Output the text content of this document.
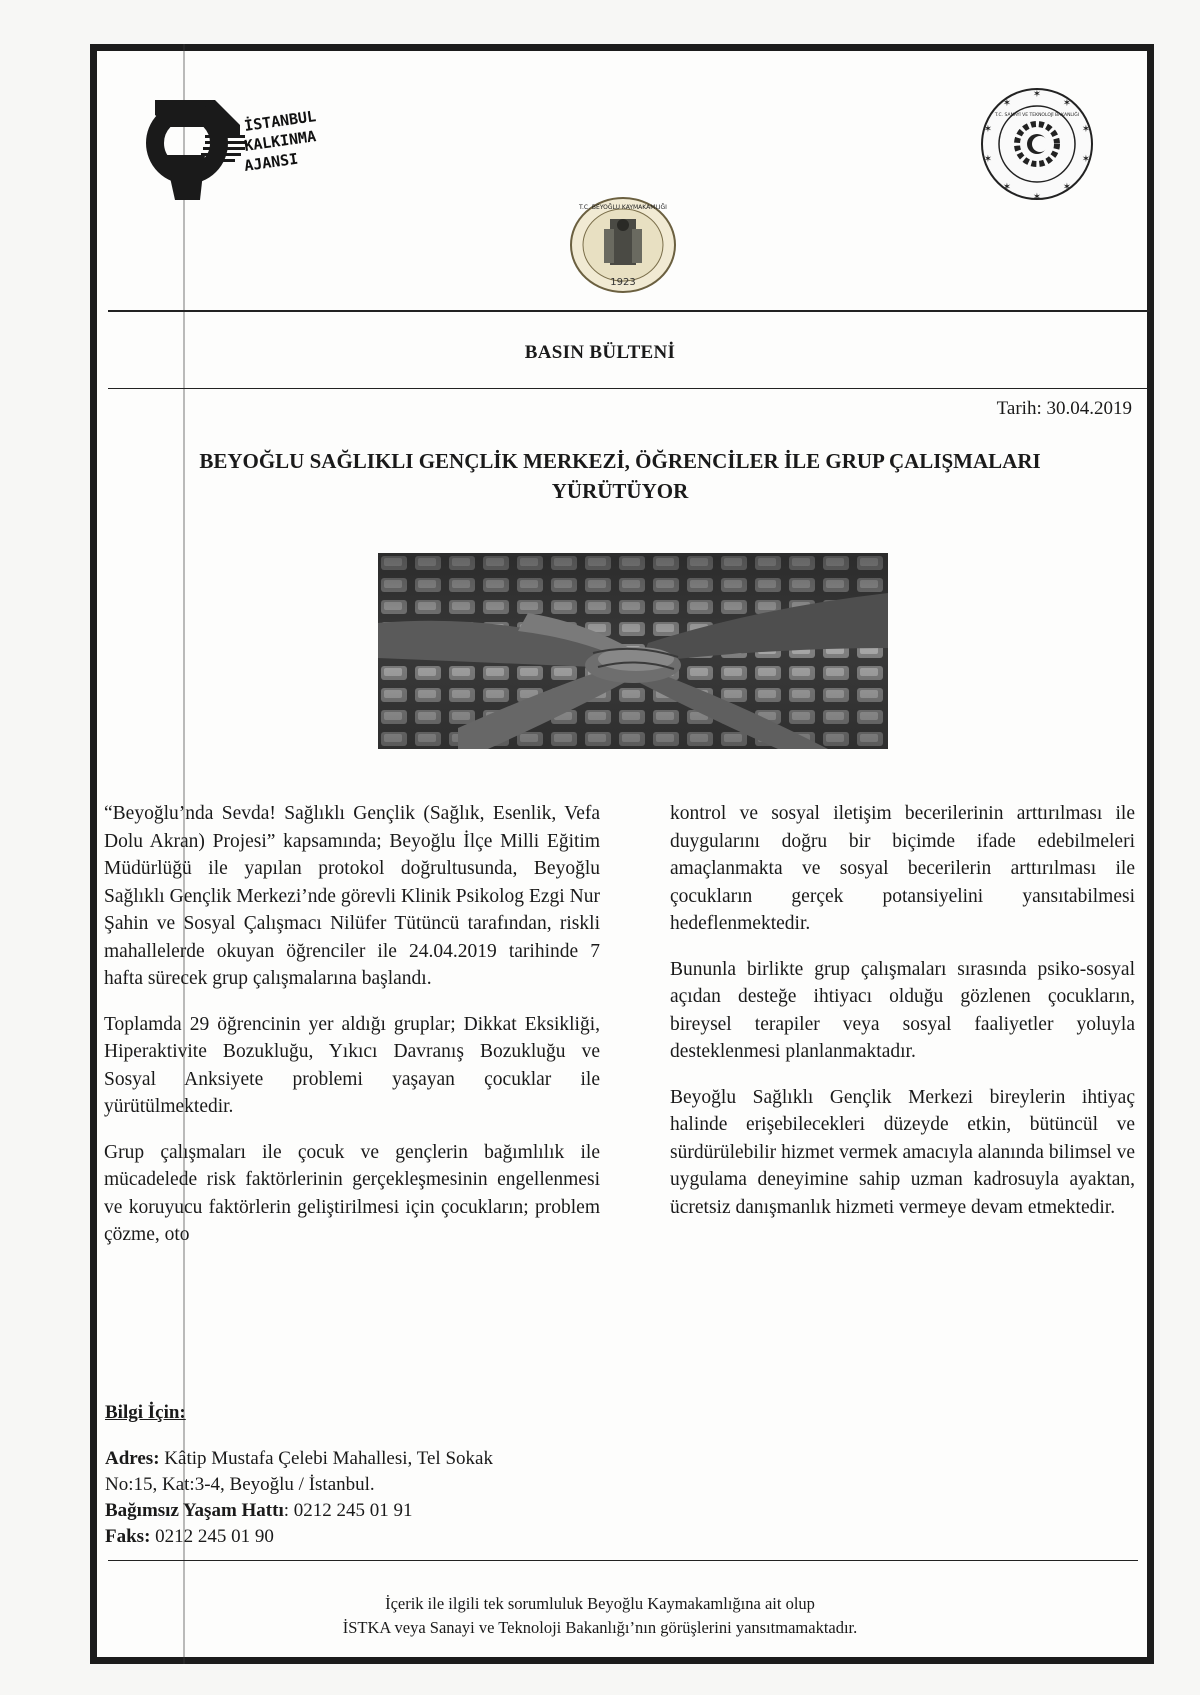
İSTANBUL
KALKINMA
AJANSI
T.C. BEYOĞLU KAYMAKAMLIĞI
1923
✶
✶
✶
✶
✶
✶
✶
✶
✶
✶
T.C. SANAYİ VE TEKNOLOJİ BAKANLIĞI
BASIN BÜLTENİ
Tarih: 30.04.2019
BEYOĞLU SAĞLIKLI GENÇLİK MERKEZİ, ÖĞRENCİLER İLE GRUP ÇALIŞMALARI
YÜRÜTÜYOR

“Beyoğlu’nda Sevda! Sağlıklı Gençlik (Sağlık, Esenlik, Vefa Dolu Akran) Projesi” kapsamında; Beyoğlu İlçe Milli Eğitim Müdürlüğü ile yapılan protokol doğrultusunda, Beyoğlu Sağlıklı Gençlik Merkezi’nde görevli Klinik Psikolog Ezgi Nur Şahin ve Sosyal Çalışmacı Nilüfer Tütüncü tarafından, riskli mahallelerde okuyan öğrenciler ile 24.04.2019 tarihinde 7 hafta sürecek grup çalışmalarına başlandı.

Toplamda 29 öğrencinin yer aldığı gruplar; Dikkat Eksikliği, Hiperaktivite Bozukluğu, Yıkıcı Davranış Bozukluğu ve Sosyal Anksiyete problemi yaşayan çocuklar ile yürütülmektedir.

Grup çalışmaları ile çocuk ve gençlerin bağımlılık ile mücadelede risk faktörlerinin gerçekleşmesinin engellenmesi ve koruyucu faktörlerin geliştirilmesi için çocukların; problem çözme, oto

kontrol ve sosyal iletişim becerilerinin arttırılması ile duygularını doğru bir biçimde ifade edebilmeleri amaçlanmakta ve sosyal becerilerin arttırılması ile çocukların gerçek potansiyelini yansıtabilmesi hedeflenmektedir.

Bununla birlikte grup çalışmaları sırasında psiko-sosyal açıdan desteğe ihtiyacı olduğu gözlenen çocukların, bireysel terapiler veya sosyal faaliyetler yoluyla desteklenmesi planlanmaktadır.

Beyoğlu Sağlıklı Gençlik Merkezi bireylerin ihtiyaç halinde erişebilecekleri düzeyde etkin, bütüncül ve sürdürülebilir hizmet vermek amacıyla alanında bilimsel ve uygulama deneyimine sahip uzman kadrosuyla ayaktan, ücretsiz danışmanlık hizmeti vermeye devam etmektedir.

Bilgi İçin:
Adres: Kâtip Mustafa Çelebi Mahallesi, Tel Sokak
No:15, Kat:3-4, Beyoğlu / İstanbul.
Bağımsız Yaşam Hattı: 0212 245 01 91
Faks: 0212 245 01 90
İçerik ile ilgili tek sorumluluk Beyoğlu Kaymakamlığına ait olup
İSTKA veya Sanayi ve Teknoloji Bakanlığı’nın görüşlerini yansıtmamaktadır.
